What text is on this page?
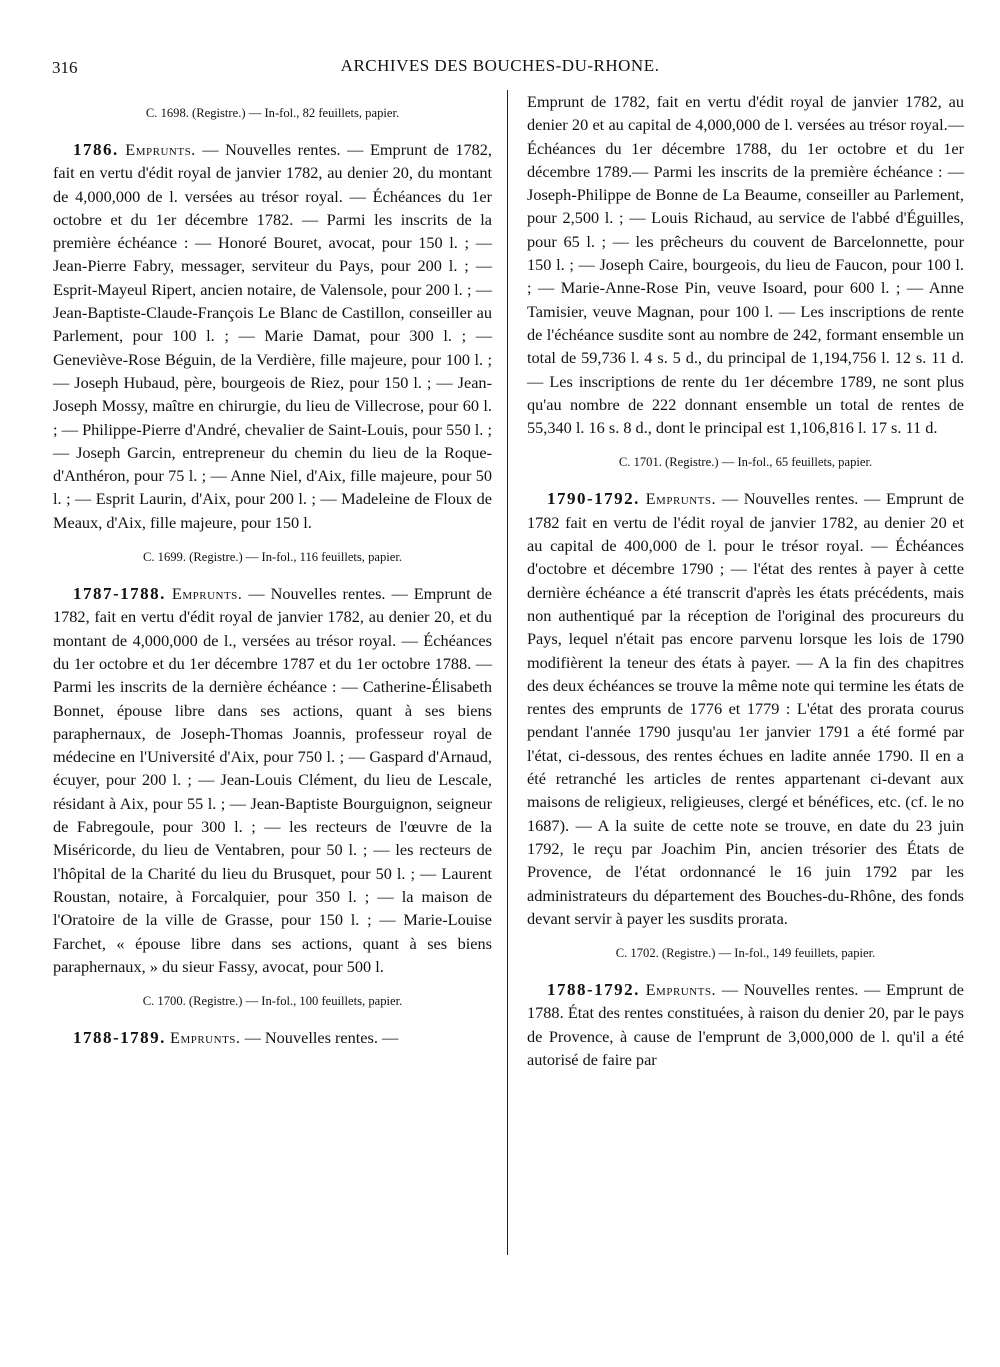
316	ARCHIVES DES BOUCHES-DU-RHONE.
C. 1698. (Registre.) — In-fol., 82 feuillets, papier.

1786. Emprunts. — Nouvelles rentes. — Emprunt de 1782, fait en vertu d'édit royal de janvier 1782, au denier 20, du montant de 4,000,000 de l. versées au trésor royal. — Échéances du 1er octobre et du 1er décembre 1782. — Parmi les inscrits de la première échéance : — Honoré Bouret, avocat, pour 150 l. ; — Jean-Pierre Fabry, messager, serviteur du Pays, pour 200 l. ; — Esprit-Mayeul Ripert, ancien notaire, de Valensole, pour 200 l. ; — Jean-Baptiste-Claude-François Le Blanc de Castillon, conseiller au Parlement, pour 100 l. ; — Marie Damat, pour 300 l. ; — Geneviève-Rose Béguin, de la Verdière, fille majeure, pour 100 l. ; — Joseph Hubaud, père, bourgeois de Riez, pour 150 l. ; — Jean-Joseph Mossy, maître en chirurgie, du lieu de Villecrose, pour 60 l. ; — Philippe-Pierre d'André, chevalier de Saint-Louis, pour 550 l. ; — Joseph Garcin, entrepreneur du chemin du lieu de la Roque-d'Anthéron, pour 75 l. ; — Anne Niel, d'Aix, fille majeure, pour 50 l. ; — Esprit Laurin, d'Aix, pour 200 l. ; — Madeleine de Floux de Meaux, d'Aix, fille majeure, pour 150 l.

C. 1699. (Registre.) — In-fol., 116 feuillets, papier.

1787-1788. Emprunts. — Nouvelles rentes. — Emprunt de 1782, fait en vertu d'édit royal de janvier 1782, au denier 20, et du montant de 4,000,000 de l., versées au trésor royal. — Échéances du 1er octobre et du 1er décembre 1787 et du 1er octobre 1788. — Parmi les inscrits de la dernière échéance : — Catherine-Élisabeth Bonnet, épouse libre dans ses actions, quant à ses biens paraphernaux, de Joseph-Thomas Joannis, professeur royal de médecine en l'Université d'Aix, pour 750 l. ; — Gaspard d'Arnaud, écuyer, pour 200 l. ; — Jean-Louis Clément, du lieu de Lescale, résidant à Aix, pour 55 l. ; — Jean-Baptiste Bourguignon, seigneur de Fabregoule, pour 300 l. ; — les recteurs de l'œuvre de la Miséricorde, du lieu de Ventabren, pour 50 l. ; — les recteurs de l'hôpital de la Charité du lieu du Brusquet, pour 50 l. ; — Laurent Roustan, notaire, à Forcalquier, pour 350 l. ; — la maison de l'Oratoire de la ville de Grasse, pour 150 l. ; — Marie-Louise Farchet, « épouse libre dans ses actions, quant à ses biens paraphernaux, » du sieur Fassy, avocat, pour 500 l.

C. 1700. (Registre.) — In-fol., 100 feuillets, papier.

1788-1789. Emprunts. — Nouvelles rentes. —

Emprunt de 1782, fait en vertu d'édit royal de janvier 1782, au denier 20 et au capital de 4,000,000 de l. versées au trésor royal.— Échéances du 1er décembre 1788, du 1er octobre et du 1er décembre 1789.— Parmi les inscrits de la première échéance : — Joseph-Philippe de Bonne de La Beaume, conseiller au Parlement, pour 2,500 l. ; — Louis Richaud, au service de l'abbé d'Éguilles, pour 65 l. ; — les prêcheurs du couvent de Barcelonnette, pour 150 l. ; — Joseph Caire, bourgeois, du lieu de Faucon, pour 100 l. ; — Marie-Anne-Rose Pin, veuve Isoard, pour 600 l. ; — Anne Tamisier, veuve Magnan, pour 100 l. — Les inscriptions de rente de l'échéance susdite sont au nombre de 242, formant ensemble un total de 59,736 l. 4 s. 5 d., du principal de 1,194,756 l. 12 s. 11 d. — Les inscriptions de rente du 1er décembre 1789, ne sont plus qu'au nombre de 222 donnant ensemble un total de rentes de 55,340 l. 16 s. 8 d., dont le principal est 1,106,816 l. 17 s. 11 d.

C. 1701. (Registre.) — In-fol., 65 feuillets, papier.

1790-1792. Emprunts. — Nouvelles rentes. — Emprunt de 1782 fait en vertu de l'édit royal de janvier 1782, au denier 20 et au capital de 400,000 de l. pour le trésor royal. — Échéances d'octobre et décembre 1790 ; — l'état des rentes à payer à cette dernière échéance a été transcrit d'après les états précédents, mais non authentiqué par la réception de l'original des procureurs du Pays, lequel n'était pas encore parvenu lorsque les lois de 1790 modifièrent la teneur des états à payer. — A la fin des chapitres des deux échéances se trouve la même note qui termine les états de rentes des emprunts de 1776 et 1779 : L'état des prorata courus pendant l'année 1790 jusqu'au 1er janvier 1791 a été formé par l'état, ci-dessous, des rentes échues en ladite année 1790. Il en a été retranché les articles de rentes appartenant ci-devant aux maisons de religieux, religieuses, clergé et bénéfices, etc. (cf. le no 1687). — A la suite de cette note se trouve, en date du 23 juin 1792, le reçu par Joachim Pin, ancien trésorier des États de Provence, de l'état ordonnancé le 16 juin 1792 par les administrateurs du département des Bouches-du-Rhône, des fonds devant servir à payer les susdits prorata.

C. 1702. (Registre.) — In-fol., 149 feuillets, papier.

1788-1792. Emprunts. — Nouvelles rentes. — Emprunt de 1788. État des rentes constituées, à raison du denier 20, par le pays de Provence, à cause de l'emprunt de 3,000,000 de l. qu'il a été autorisé de faire par
